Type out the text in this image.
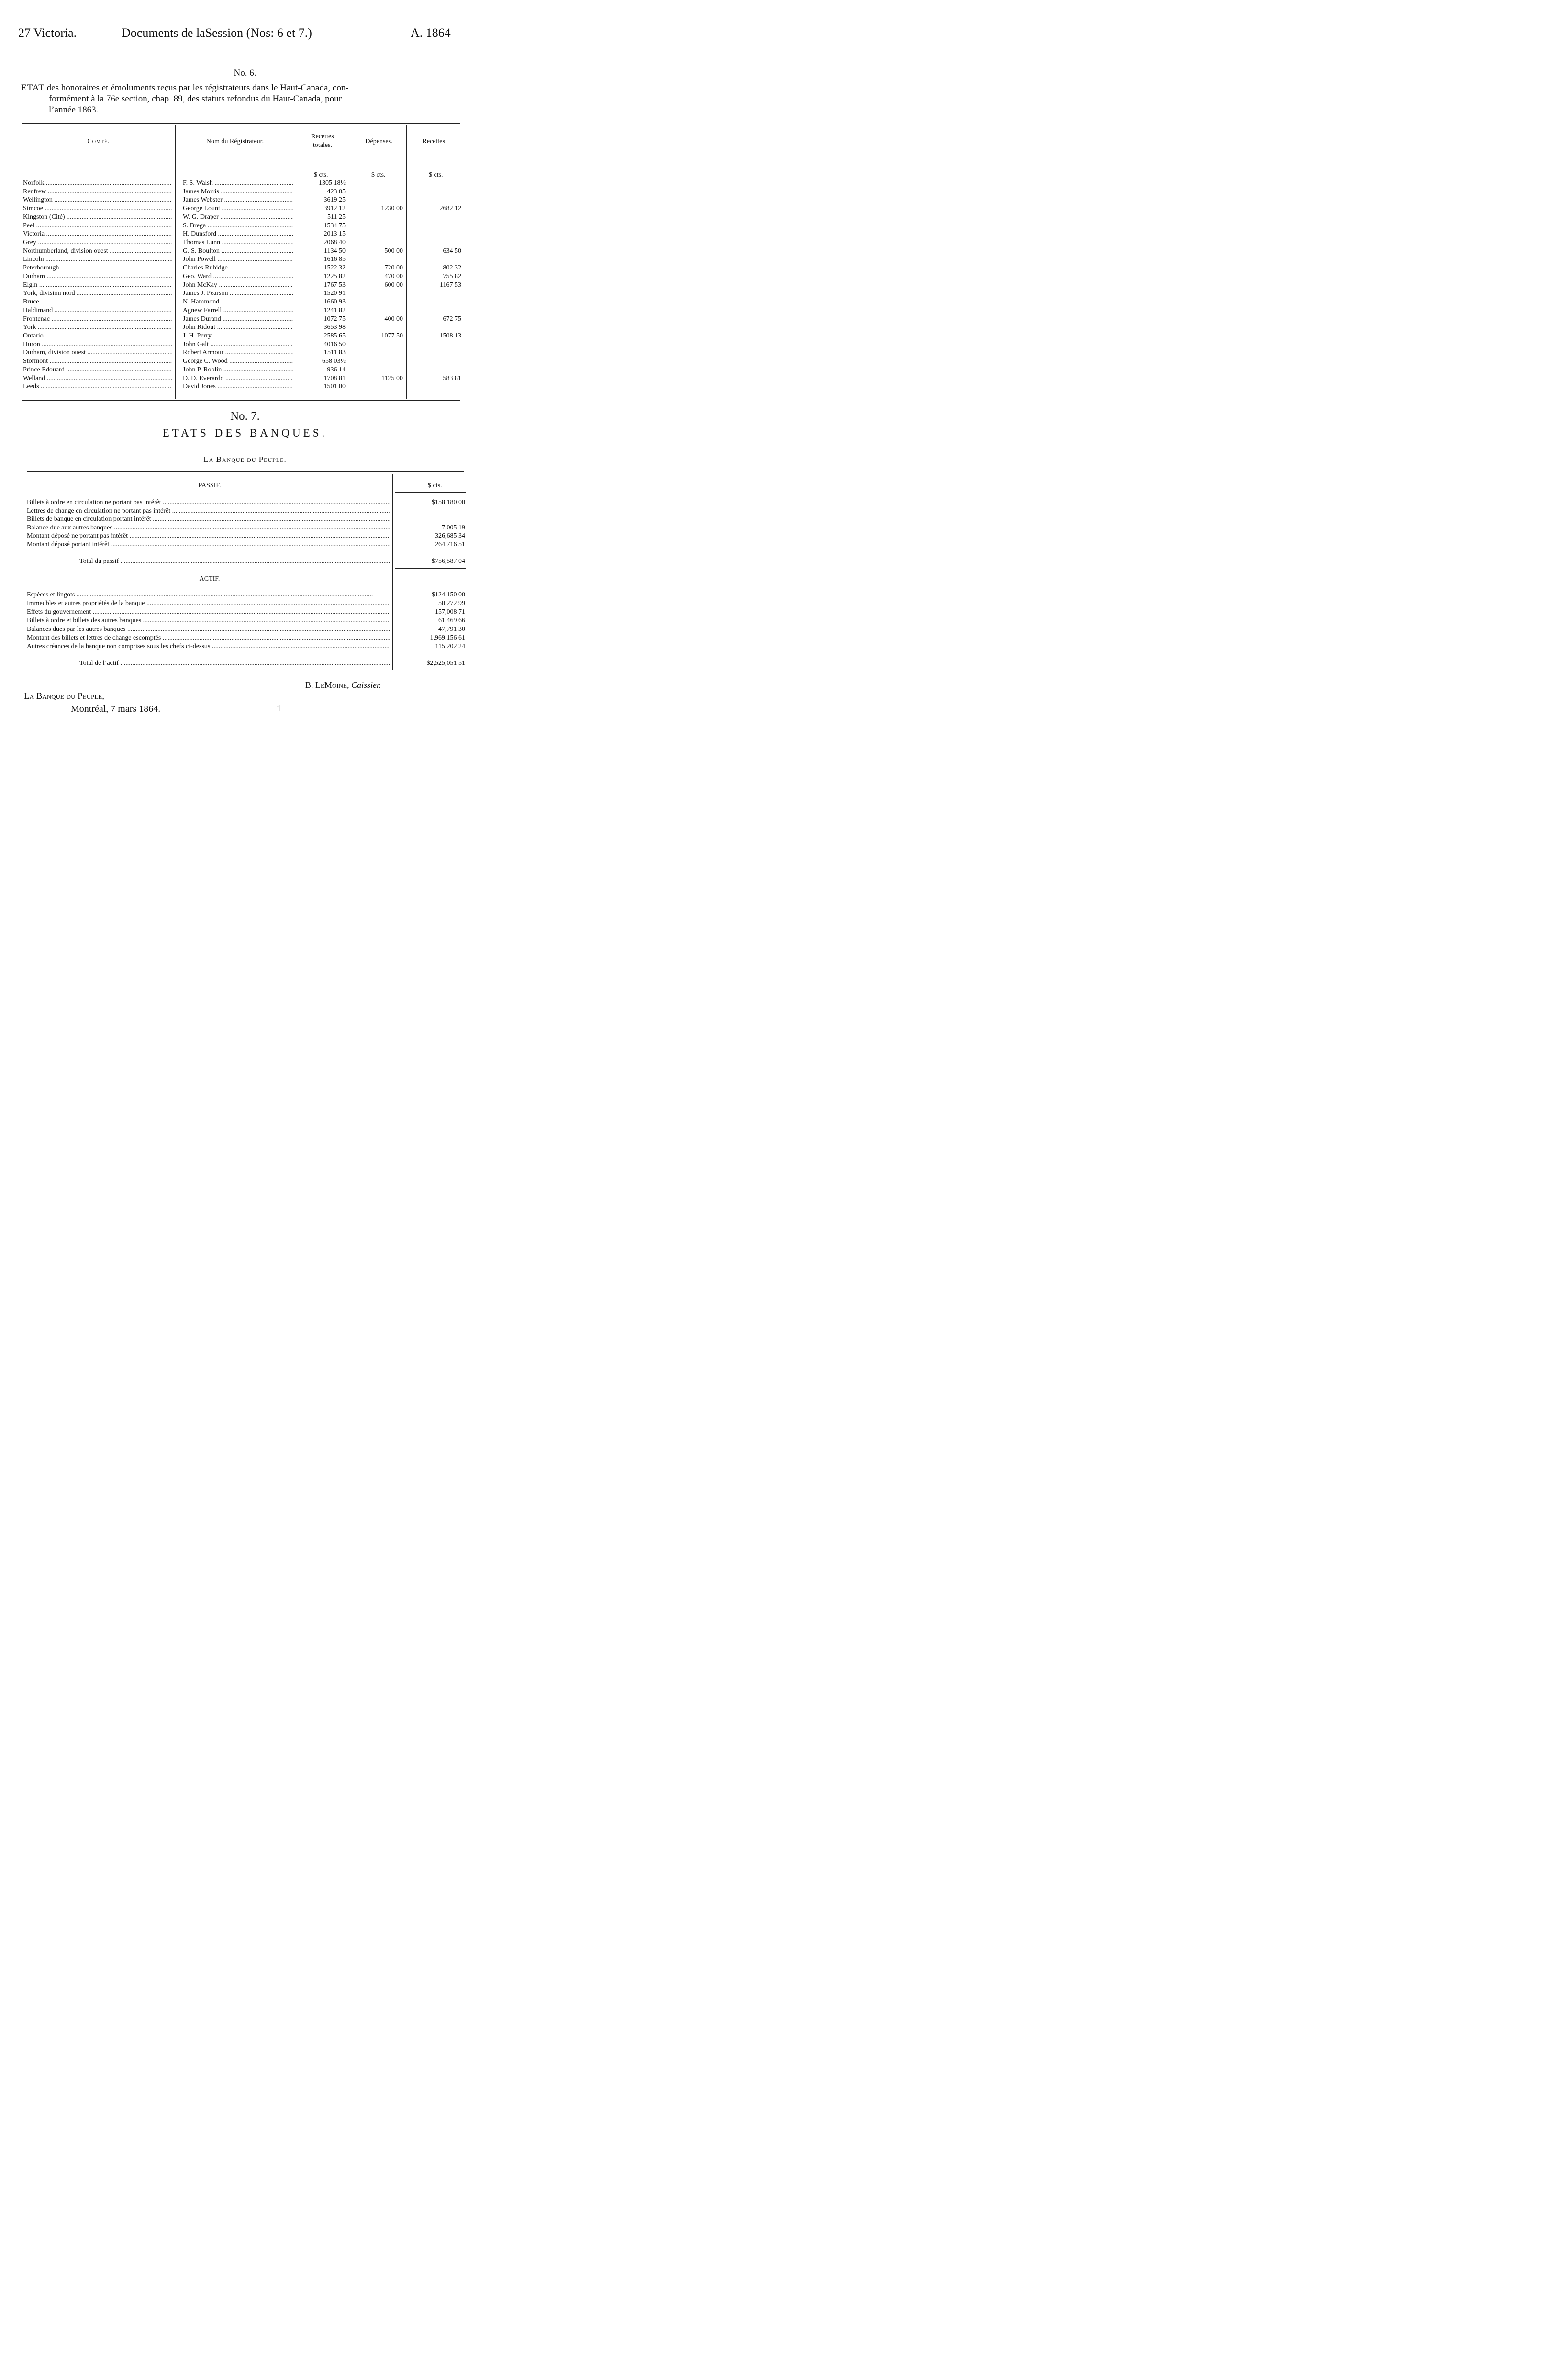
27 Victoria.	Documents de laSession (Nos: 6 et 7.)	A. 1864
No. 6.
ETAT des honoraires et émoluments reçus par les régistrateurs dans le Haut-Canada, con-
formément à la 76e section, chap. 89, des statuts refondus du Haut-Canada, pour
l’année 1863.
Comté.	Nom du Régistrateur.
Recettes
totales.
Dépenses.	Recettes.
$ cts.	$ cts.	$ cts.
Norfolk .....	F. S. Walsh .....	1305 18½
Renfrew .....	James Morris .....	423 05
Wellington .....	James Webster .....	3619 25
Simcoe .....	George Lount .....	3912 12	1230 00	2682 12
Kingston (Cité) .....	W. G. Draper .....	511 25
Peel .....	S. Brega .....	1534 75
Victoria .....	H. Dunsford .....	2013 15
Grey .....	Thomas Lunn .....	2068 40
Northumberland, division ouest .....	G. S. Boulton .....	1134 50	500 00	634 50
Lincoln .....	John Powell .....	1616 85
Peterborough .....	Charles Rubidge .....	1522 32	720 00	802 32
Durham .....	Geo. Ward .....	1225 82	470 00	755 82
Elgin .....	John McKay .....	1767 53	600 00	1167 53
York, division nord .....	James J. Pearson .....	1520 91
Bruce .....	N. Hammond .....	1660 93
Haldimand .....	Agnew Farrell .....	1241 82
Frontenac .....	James Durand .....	1072 75	400 00	672 75
York .....	John Ridout .....	3653 98
Ontario .....	J. H. Perry .....	2585 65	1077 50	1508 13
Huron .....	John Galt .....	4016 50
Durham, division ouest .....	Robert Armour .....	1511 83
Stormont .....	George C. Wood .....	658 03½
Prince Edouard .....	John P. Roblin .....	936 14
Welland .....	D. D. Everardo .....	1708 81	1125 00	583 81
Leeds .....	David Jones .....	1501 00
No. 7.
ETATS DES BANQUES.
La Banque du Peuple.
PASSIF.	$ cts.
Billets à ordre en circulation ne portant pas intérêt .....	$158,180 00
Lettres de change en circulation ne portant pas intérêt .....
Billets de banque en circulation portant intérêt .....
Balance due aux autres banques .....	7,005 19
Montant déposé ne portant pas intérêt .....	326,685 34
Montant déposé portant intérêt .....	264,716 51
Total du passif .....	$756,587 04
ACTIF.
Espèces et lingots .....	$124,150 00
Immeubles et autres propriétés de la banque .....	50,272 99
Effets du gouvernement .....	157,008 71
Billets à ordre et billets des autres banques .....	61,469 66
Balances dues par les autres banques .....	47,791 30
Montant des billets et lettres de change escomptés .....	1,969,156 61
Autres créances de la banque non comprises sous les chefs ci-dessus .....	115,202 24
Total de l’actif .....	$2,525,051 51
B. LeMoine, Caissier.
La Banque du Peuple,
Montréal, 7 mars 1864.	1
